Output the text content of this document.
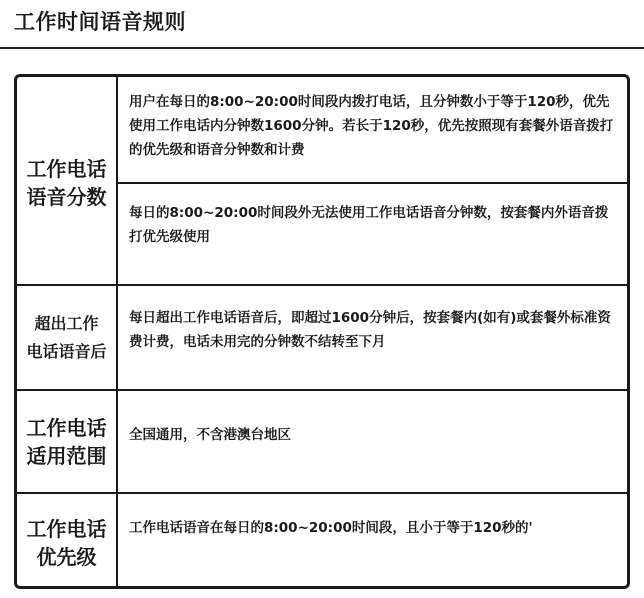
工作时间语音规则
工作电话
语音分数
用户在每日的8:00~20:00时间段内拨打电话，且分钟数小于等于120秒，优先使用工作电话内分钟数1600分钟。若长于120秒，优先按照现有套餐外语音拨打的优先级和语音分钟数和计费
每日的8:00~20:00时间段外无法使用工作电话语音分钟数，按套餐内外语音拨打优先级使用
超出工作
电话语音后
每日超出工作电话语音后，即超过1600分钟后，按套餐内(如有)或套餐外标准资费计费，电话未用完的分钟数不结转至下月
工作电话
适用范围
全国通用，不含港澳台地区
工作电话
优先级
工作电话语音在每日的8:00~20:00时间段，且小于等于120秒的'
